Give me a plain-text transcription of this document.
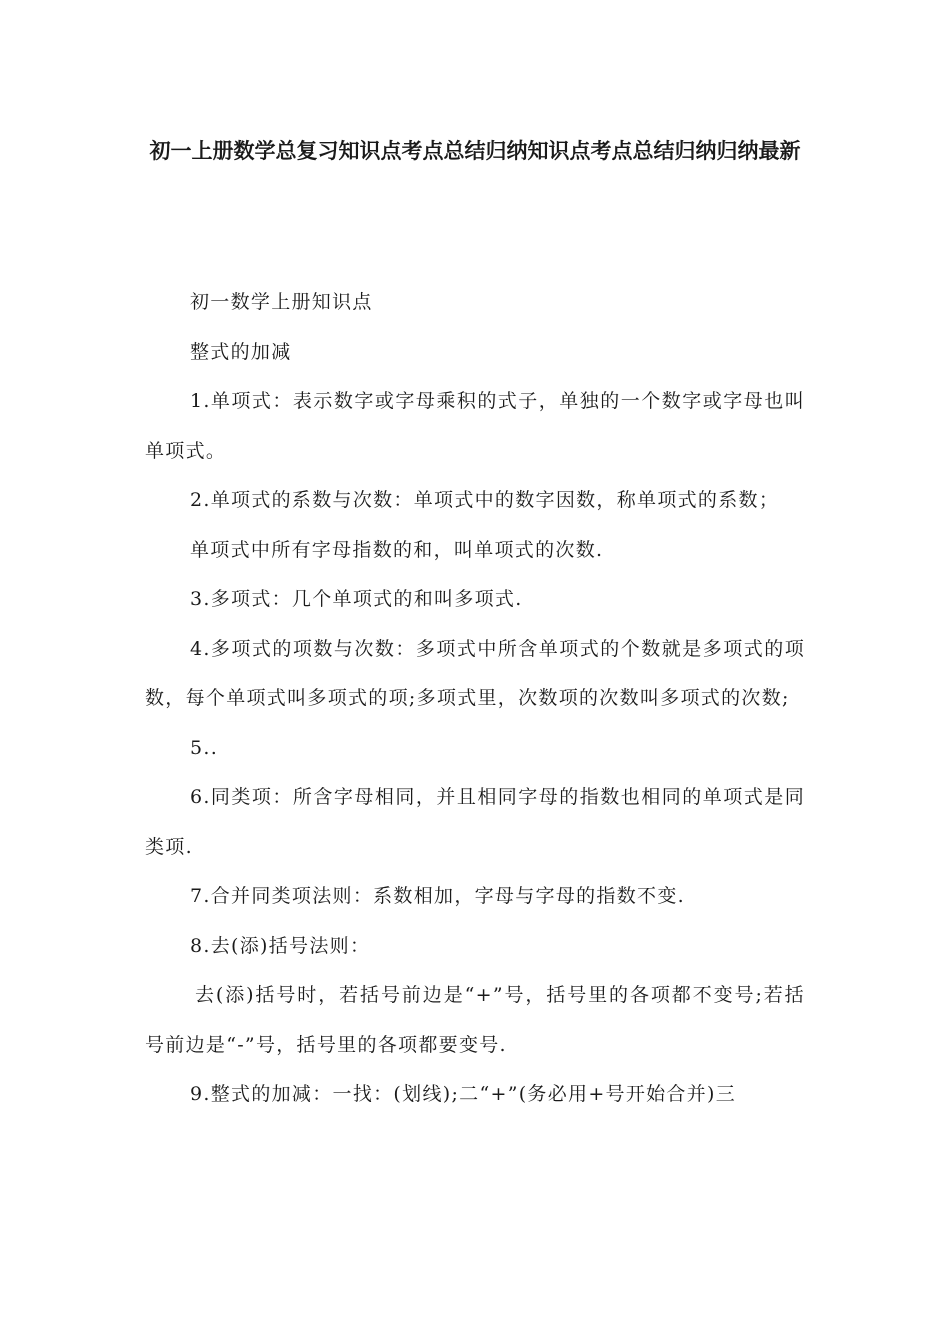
初一上册数学总复习知识点考点总结归纳知识点考点总结归纳归纳最新

初一数学上册知识点

整式的加减

1.单项式：表示数字或字母乘积的式子，单独的一个数字或字母也叫单项式。

2.单项式的系数与次数：单项式中的数字因数，称单项式的系数；

单项式中所有字母指数的和，叫单项式的次数.

3.多项式：几个单项式的和叫多项式.

4.多项式的项数与次数：多项式中所含单项式的个数就是多项式的项数，每个单项式叫多项式的项;多项式里，次数项的次数叫多项式的次数;

5..

6.同类项：所含字母相同，并且相同字母的指数也相同的单项式是同类项.

7.合并同类项法则：系数相加，字母与字母的指数不变.

8.去(添)括号法则：

去(添)括号时，若括号前边是“+”号，括号里的各项都不变号;若括号前边是“-”号，括号里的各项都要变号.

9.整式的加减：一找：(划线);二“+”(务必用+号开始合并)三
